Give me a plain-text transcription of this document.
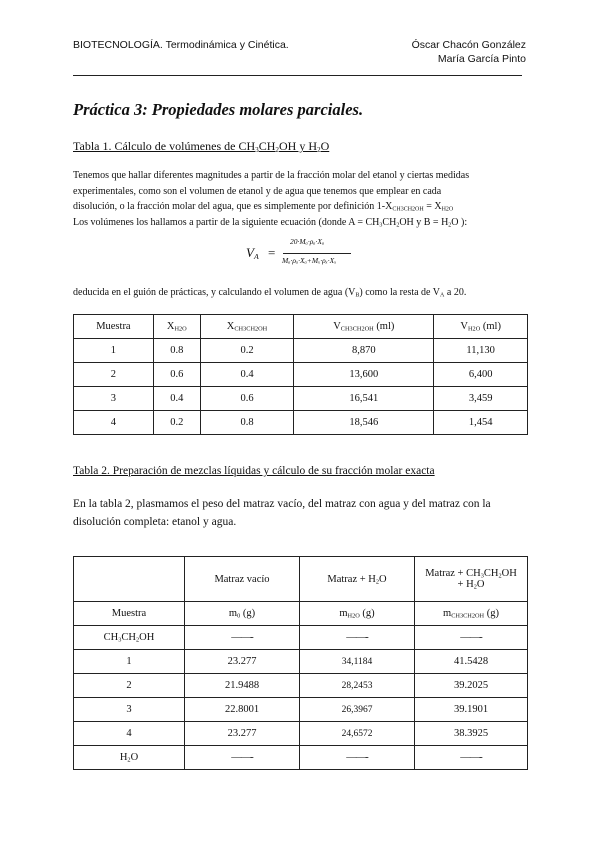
BIOTECNOLOGÍA. Termodinámica y Cinética.	Óscar Chacón González
María García Pinto
Práctica 3: Propiedades molares parciales.
Tabla 1. Cálculo de volúmenes de $CH_3CH_2OH$ y $H_2O$
Tenemos que hallar diferentes magnitudes a partir de la fracción molar del etanol y ciertas medidas
experimentales, como son el volumen de etanol y de agua que tenemos que emplear en cada
disolución, o la fracción molar del agua, que es simplemente por definición $1-X_{CH3CH2OH} = X_{H2O}$
Los volúmenes los hallamos a partir de la siguiente ecuación (donde $A = CH_3CH_2OH$ y $B = H_2O$ ):
$V_A$ =
20·Mₐ·ρₐ·Xₐ
Mₐ·ρₐ·Xₐ+Mₓ·ρₓ·Xₓ
deducida en el guión de prácticas, y calculando el volumen de agua $(V_B)$ como la resta de $V_A$ a 20.
Muestra	$X_{H2O}$	$X_{CH3CH2OH}$	$V_{CH3CH2OH}$ (ml)	$V_{H2O}$ (ml)
1	0.8	0.2	8,870	11,130
2	0.6	0.4	13,600	6,400
3	0.4	0.6	16,541	3,459
4	0.2	0.8	18,546	1,454
Tabla 2. Preparación de mezclas líquidas y cálculo de su fracción molar exacta
En la tabla 2, plasmamos el peso del matraz vacío, del matraz con agua y del matraz con la
disolución completa: etanol y agua.
	Matraz vacío	Matraz + $H_2O$	Matraz + $CH_3CH_2OH$
+ $H_2O$

Muestra	$m_0$ (g)	$m_{H2O}$ (g)	$m_{CH3CH2OH}$ (g)
$CH_3CH_2OH$	——-	——-	——-
1	23.277	34,1184	41.5428
2	21.9488	28,2453	39.2025
3	22.8001	26,3967	39.1901
4	23.277	24,6572	38.3925
$H_2O$	——-	——-	——-
